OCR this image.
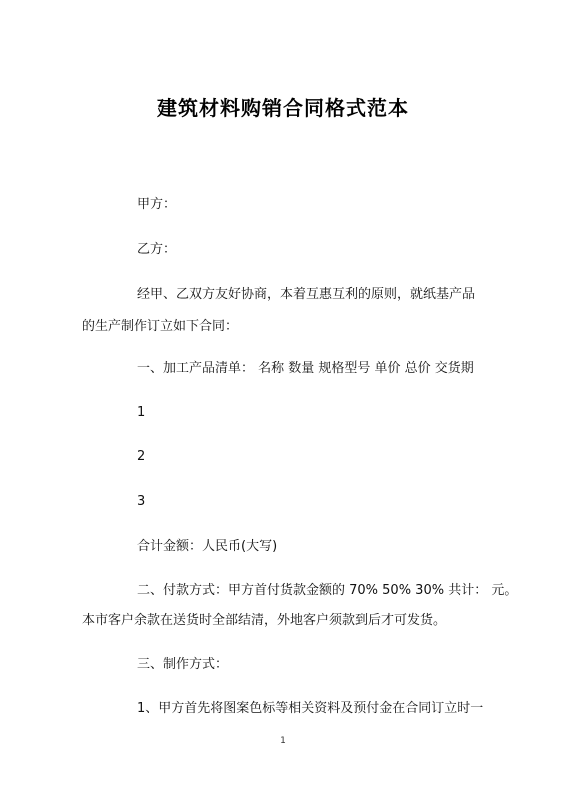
建筑材料购销合同格式范本
甲方：
乙方：
经甲、乙双方友好协商，本着互惠互利的原则，就纸基产品
的生产制作订立如下合同：
一、加工产品清单： 名称 数量 规格型号 单价 总价 交货期
1
2
3
合计金额：人民币(大写)
二、付款方式：甲方首付货款金额的 70% 50% 30% 共计： 元。
本市客户余款在送货时全部结清，外地客户须款到后才可发货。
三、制作方式：
1、甲方首先将图案色标等相关资料及预付金在合同订立时一
1
